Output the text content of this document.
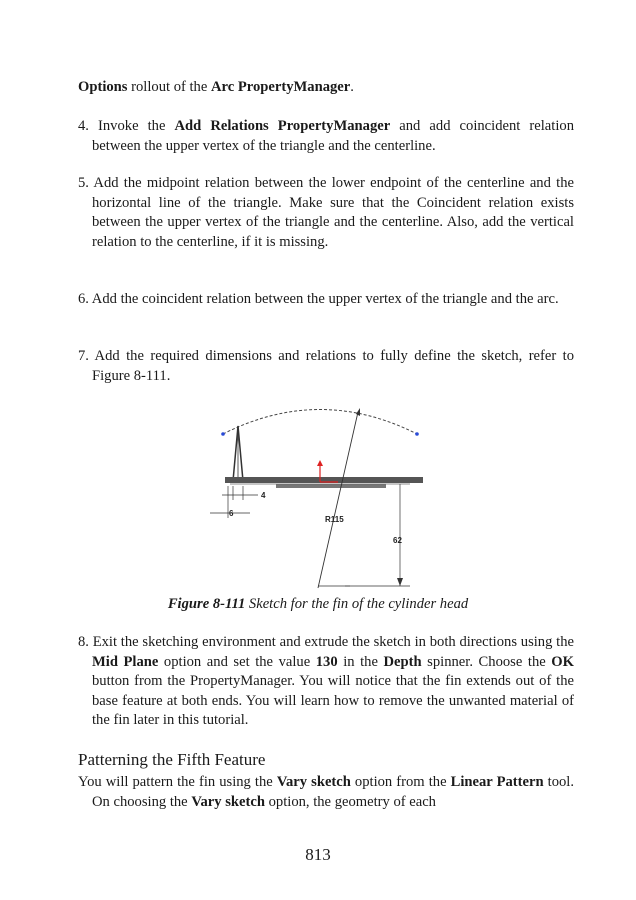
Options rollout of the Arc PropertyManager.
4. Invoke the Add Relations PropertyManager and add coincident relation between the upper vertex of the triangle and the centerline.
5. Add the midpoint relation between the lower endpoint of the centerline and the horizontal line of the triangle. Make sure that the Coincident relation exists between the upper vertex of the triangle and the centerline. Also, add the vertical relation to the centerline, if it is missing.
6. Add the coincident relation between the upper vertex of the triangle and the arc.
7. Add the required dimensions and relations to fully define the sketch, refer to Figure 8-111.
4
6
R115
62
Figure 8-111 Sketch for the fin of the cylinder head
8. Exit the sketching environment and extrude the sketch in both directions using the Mid Plane option and set the value 130 in the Depth spinner. Choose the OK button from the PropertyManager. You will notice that the fin extends out of the base feature at both ends. You will learn how to remove the unwanted material of the fin later in this tutorial.
Patterning the Fifth Feature
You will pattern the fin using the Vary sketch option from the Linear Pattern tool. On choosing the Vary sketch option, the geometry of each
813
